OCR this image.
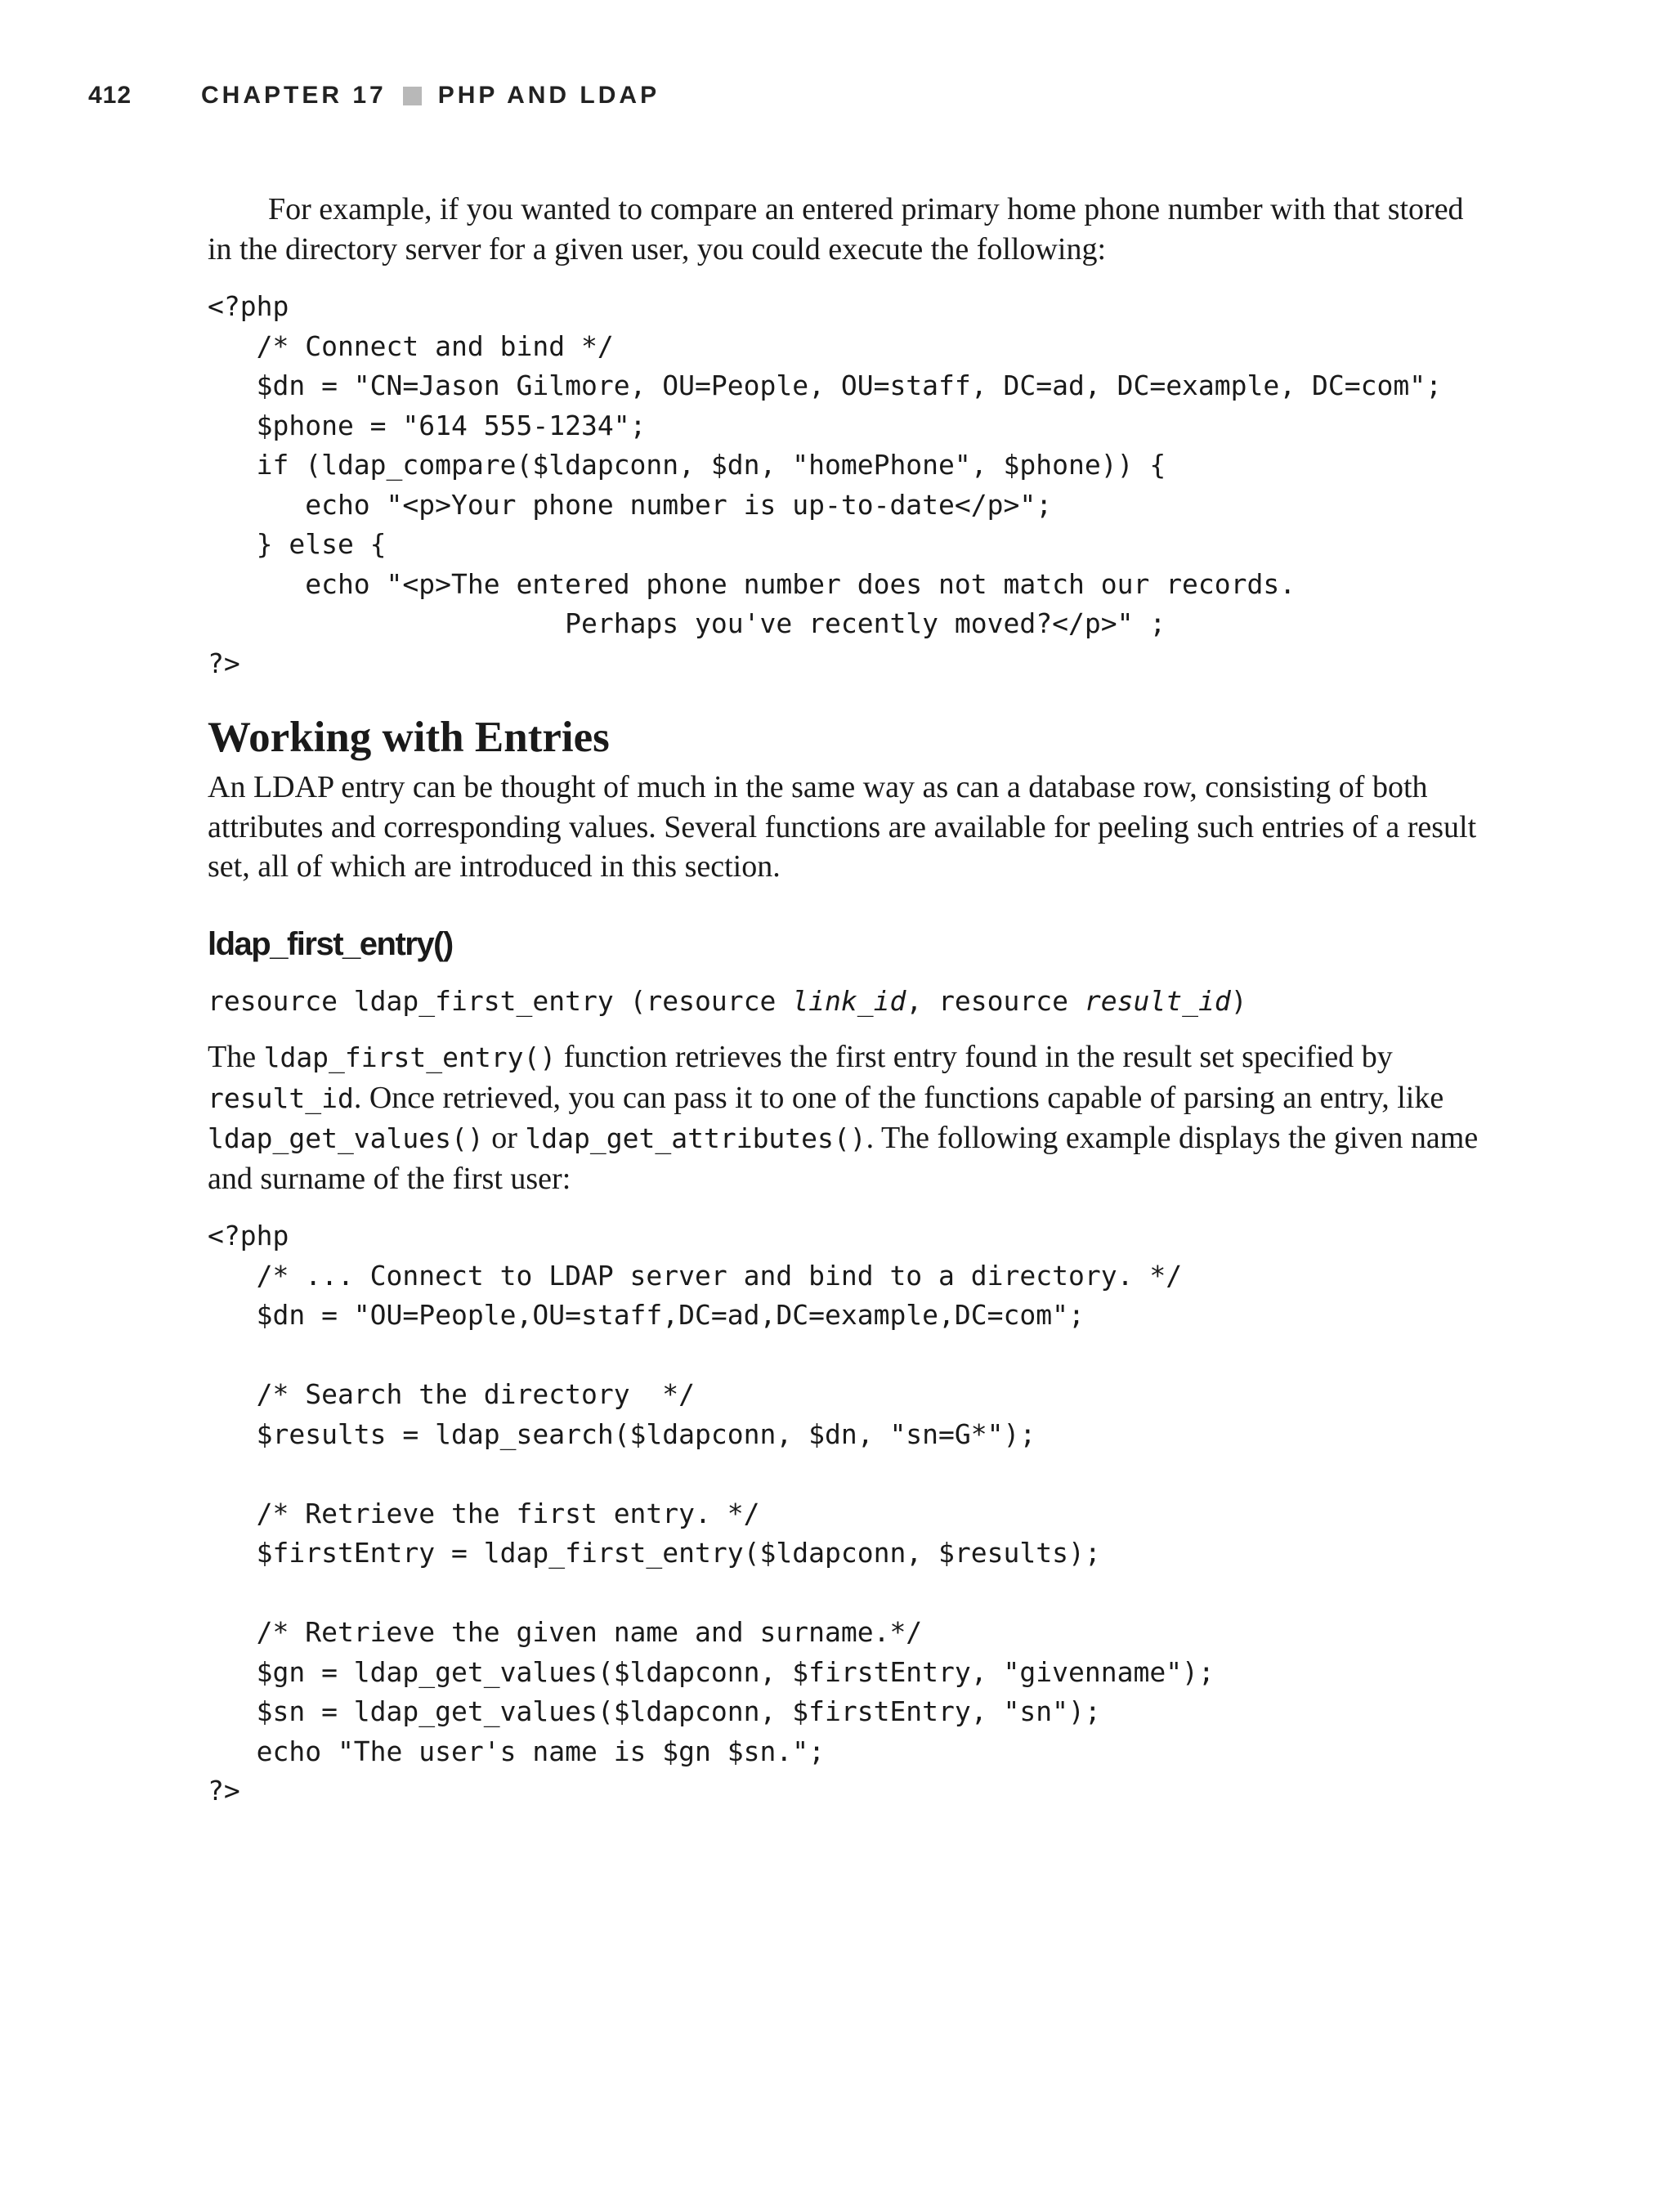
412	CHAPTER 17 PHP AND LDAP

For example, if you wanted to compare an entered primary home phone number with that stored in the directory server for a given user, you could execute the following:

<?php
/* Connect and bind */
$dn = "CN=Jason Gilmore, OU=People, OU=staff, DC=ad, DC=example, DC=com";
$phone = "614 555-1234";
if (ldap_compare($ldapconn, $dn, "homePhone", $phone)) {
echo "<p>Your phone number is up-to-date</p>";
} else {
echo "<p>The entered phone number does not match our records.
Perhaps you've recently moved?</p>" ;
?>
Working with Entries

An LDAP entry can be thought of much in the same way as can a database row, consisting of both attributes and corresponding values. Several functions are available for peeling such entries of a result set, all of which are introduced in this section.

ldap_first_entry()

resource ldap_first_entry (resource link_id, resource result_id)

The ldap_first_entry() function retrieves the first entry found in the result set specified by result_id. Once retrieved, you can pass it to one of the functions capable of parsing an entry, like ldap_get_values() or ldap_get_attributes(). The following example displays the given name and surname of the first user:

<?php
/* ... Connect to LDAP server and bind to a directory. */
$dn = "OU=People,OU=staff,DC=ad,DC=example,DC=com";

/* Search the directory  */
$results = ldap_search($ldapconn, $dn, "sn=G*");

/* Retrieve the first entry. */
$firstEntry = ldap_first_entry($ldapconn, $results);

/* Retrieve the given name and surname.*/
$gn = ldap_get_values($ldapconn, $firstEntry, "givenname");
$sn = ldap_get_values($ldapconn, $firstEntry, "sn");
echo "The user's name is $gn $sn.";
?>
